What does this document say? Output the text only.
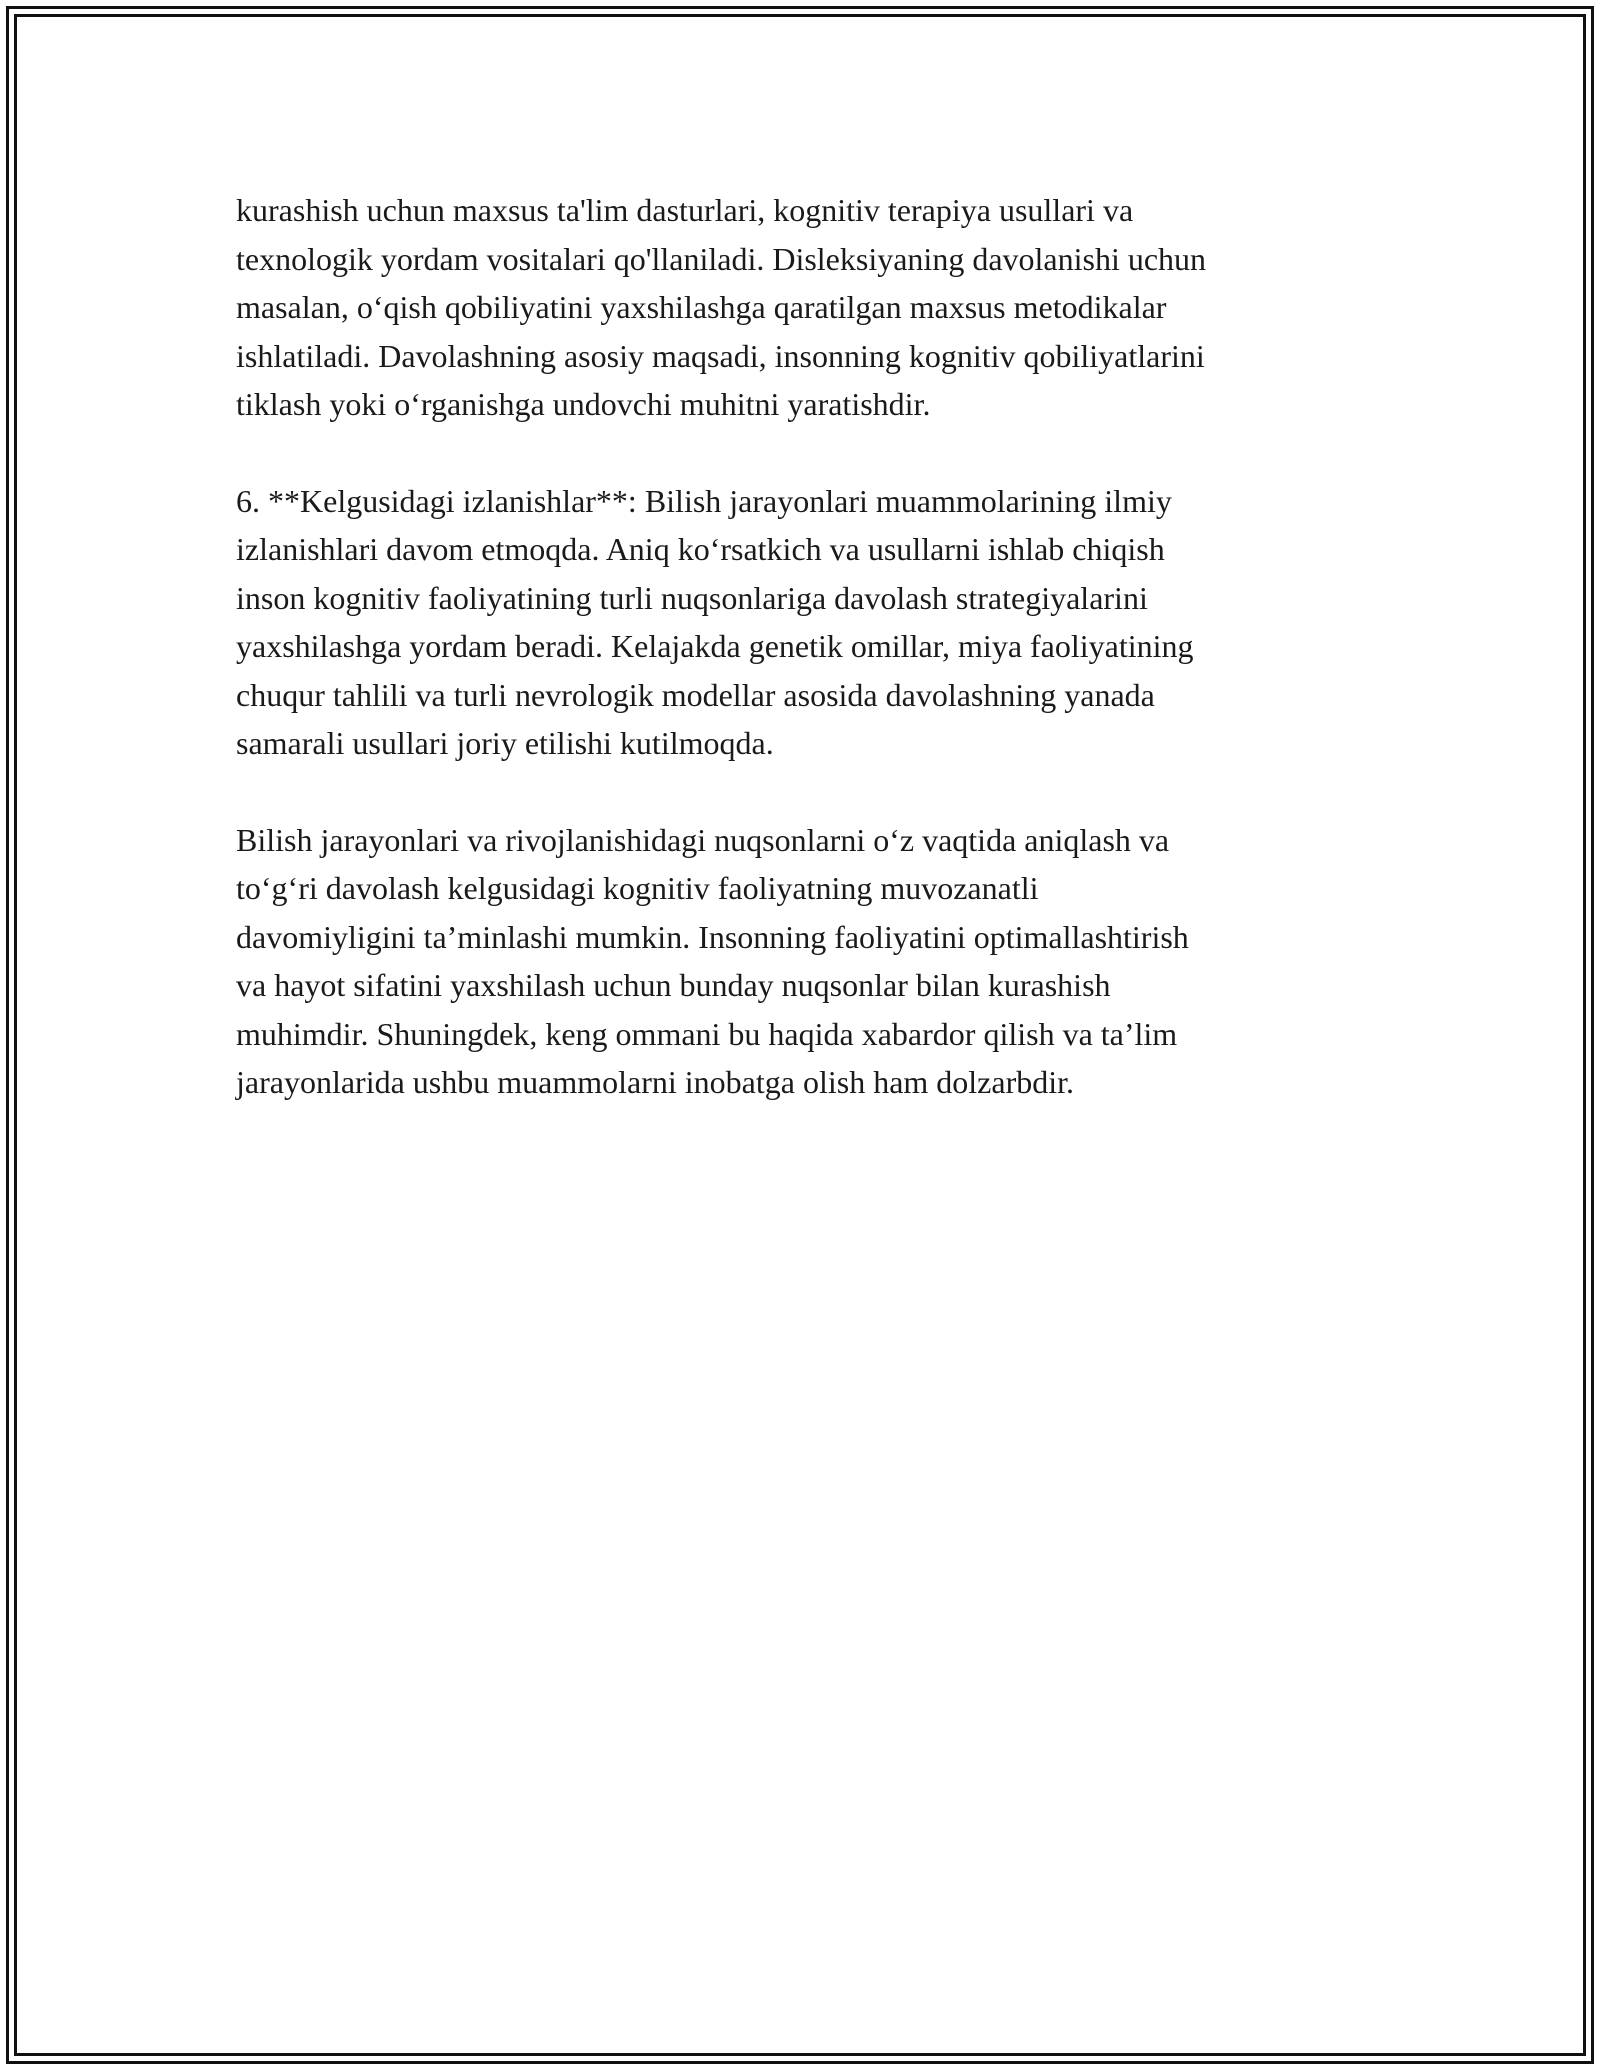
kurashish uchun maxsus ta'lim dasturlari, kognitiv terapiya usullari va
texnologik yordam vositalari qo'llaniladi. Disleksiyaning davolanishi uchun
masalan, o‘qish qobiliyatini yaxshilashga qaratilgan maxsus metodikalar
ishlatiladi. Davolashning asosiy maqsadi, insonning kognitiv qobiliyatlarini
tiklash yoki o‘rganishga undovchi muhitni yaratishdir.

6. **Kelgusidagi izlanishlar**: Bilish jarayonlari muammolarining ilmiy
izlanishlari davom etmoqda. Aniq ko‘rsatkich va usullarni ishlab chiqish
inson kognitiv faoliyatining turli nuqsonlariga davolash strategiyalarini
yaxshilashga yordam beradi. Kelajakda genetik omillar, miya faoliyatining
chuqur tahlili va turli nevrologik modellar asosida davolashning yanada
samarali usullari joriy etilishi kutilmoqda.

Bilish jarayonlari va rivojlanishidagi nuqsonlarni o‘z vaqtida aniqlash va
to‘g‘ri davolash kelgusidagi kognitiv faoliyatning muvozanatli
davomiyligini ta’minlashi mumkin. Insonning faoliyatini optimallashtirish
va hayot sifatini yaxshilash uchun bunday nuqsonlar bilan kurashish
muhimdir. Shuningdek, keng ommani bu haqida xabardor qilish va ta’lim
jarayonlarida ushbu muammolarni inobatga olish ham dolzarbdir.
